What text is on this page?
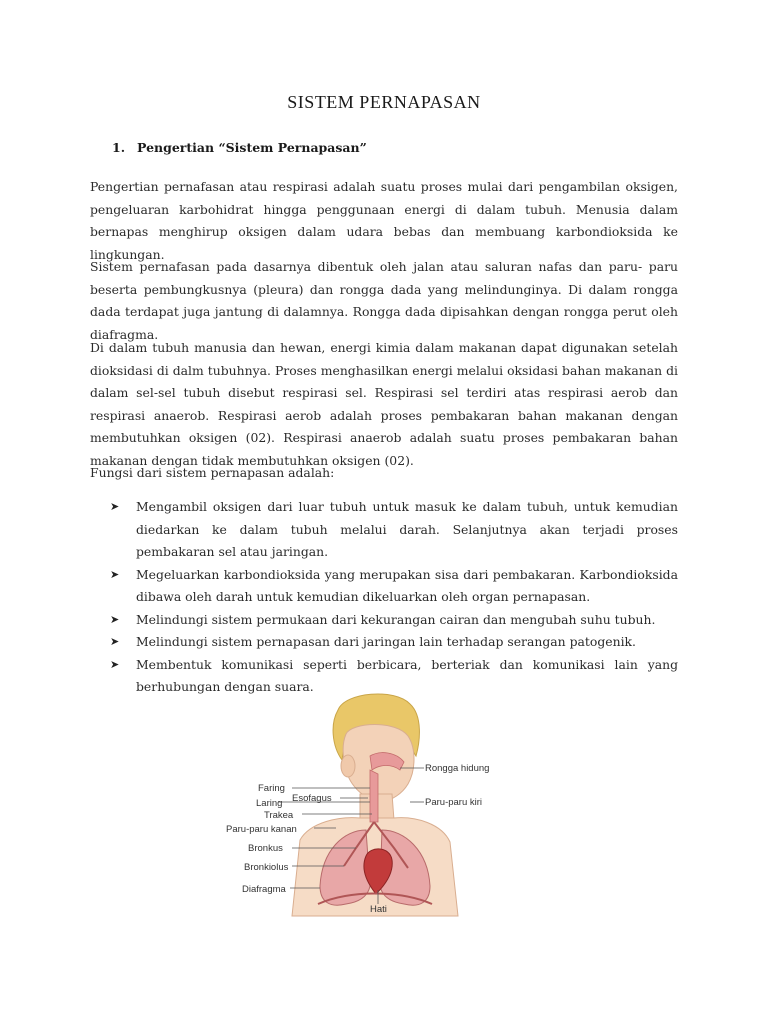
SISTEM PERNAPASAN
1. Pengertian “Sistem Pernapasan”

Pengertian pernafasan atau respirasi adalah suatu proses mulai dari pengambilan oksigen, pengeluaran karbohidrat hingga penggunaan energi di dalam tubuh. Menusia dalam bernapas menghirup oksigen dalam udara bebas dan membuang karbondioksida ke lingkungan.

Sistem pernafasan pada dasarnya dibentuk oleh jalan atau saluran nafas dan paru- paru beserta pembungkusnya (pleura) dan rongga dada yang melindunginya. Di dalam rongga dada terdapat juga jantung di dalamnya. Rongga dada dipisahkan dengan rongga perut oleh diafragma.

Di dalam tubuh manusia dan hewan, energi kimia dalam makanan dapat digunakan setelah dioksidasi di dalm tubuhnya. Proses menghasilkan energi melalui oksidasi bahan makanan di dalam sel-sel tubuh disebut respirasi sel. Respirasi sel terdiri atas respirasi aerob dan respirasi anaerob. Respirasi aerob adalah proses pembakaran bahan makanan dengan membutuhkan oksigen (02). Respirasi anaerob adalah suatu proses pembakaran bahan makanan dengan tidak membutuhkan oksigen (02).

Fungsi dari sistem pernapasan adalah:

➤ Mengambil oksigen dari luar tubuh untuk masuk ke dalam tubuh, untuk kemudian diedarkan ke dalam tubuh melalui darah. Selanjutnya akan terjadi proses pembakaran sel atau jaringan.
➤ Megeluarkan karbondioksida yang merupakan sisa dari pembakaran. Karbondioksida dibawa oleh darah untuk kemudian dikeluarkan oleh organ pernapasan.
➤ Melindungi sistem permukaan dari kekurangan cairan dan mengubah suhu tubuh.
➤ Melindungi sistem pernapasan dari jaringan lain terhadap serangan patogenik.
➤ Membentuk komunikasi seperti berbicara, berteriak dan komunikasi lain yang berhubungan dengan suara.
Rongga hidung
Faring
Esofagus
Laring	Paru-paru kiri
Trakea
Paru-paru kanan
Bronkus
Bronkiolus
Diafragma
Hati
